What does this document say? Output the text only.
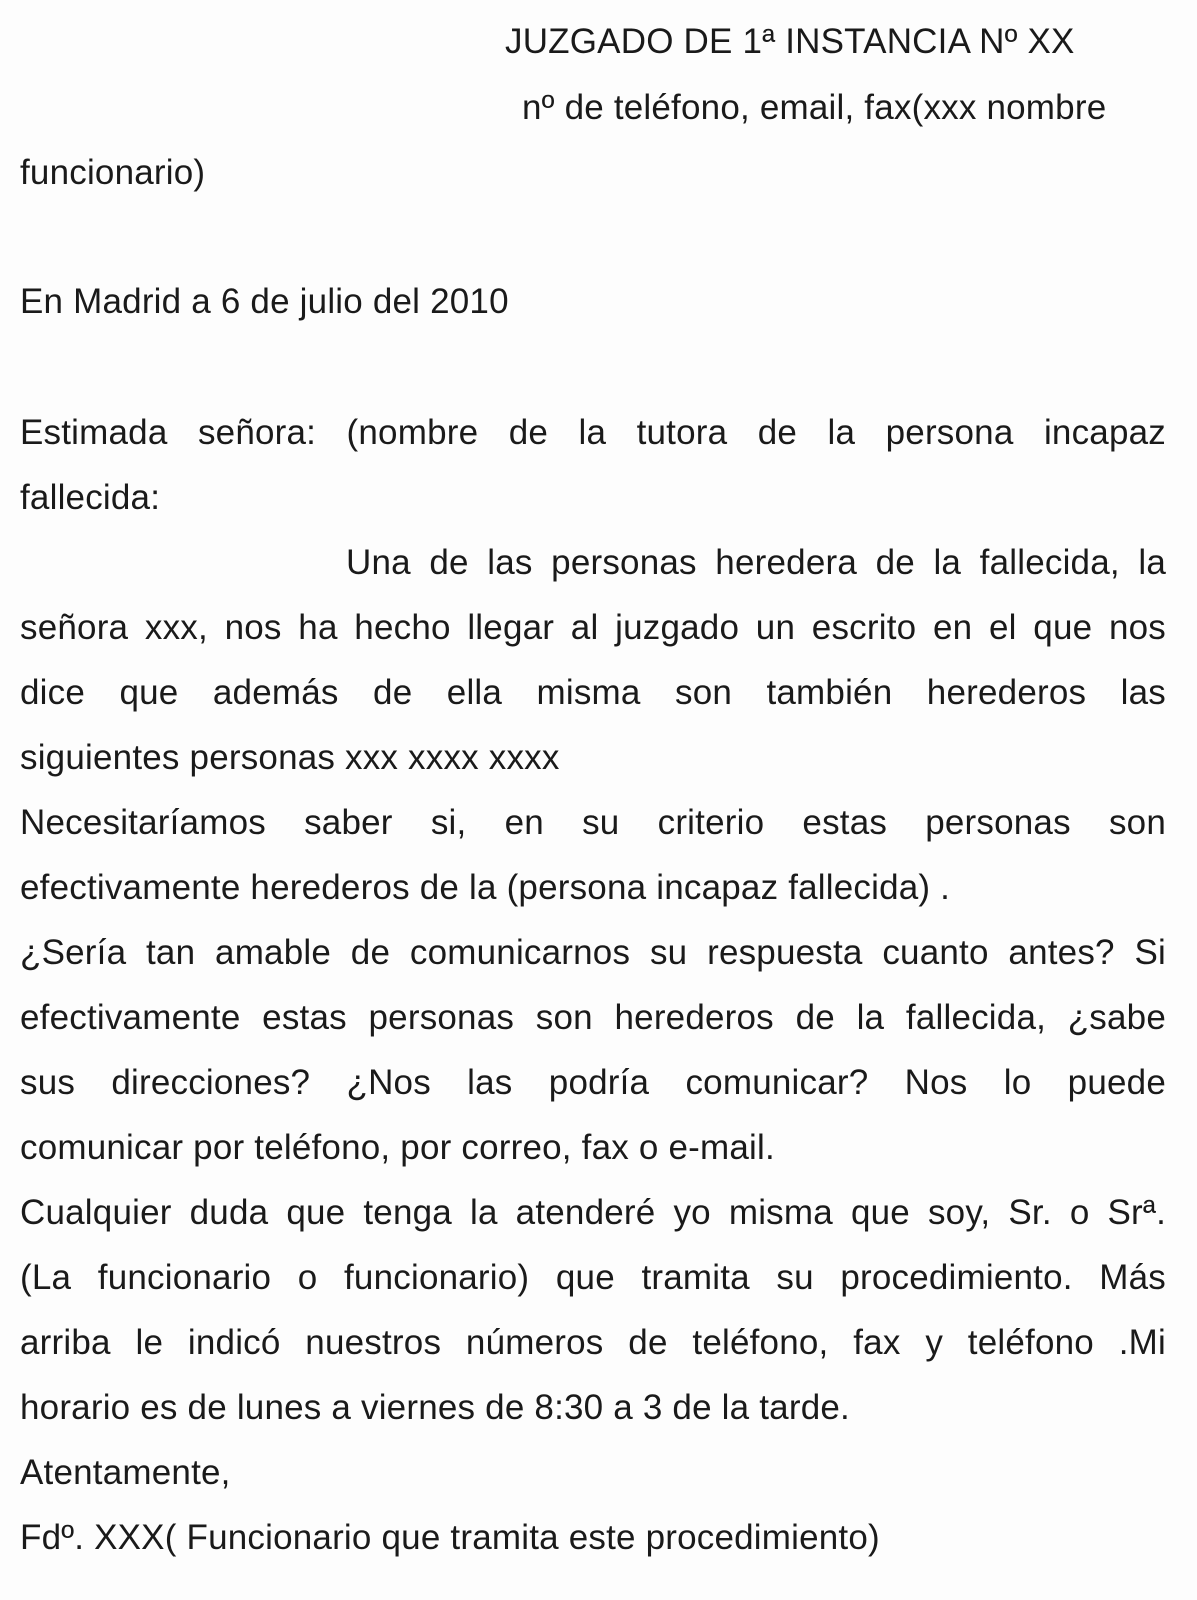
JUZGADO DE 1ª INSTANCIA Nº XX
nº de teléfono, email, fax(xxx nombre
funcionario)
En Madrid a 6 de julio del 2010
Estimada señora: (nombre de la tutora de la persona incapaz
fallecida:
Una de las personas heredera de la fallecida, la
señora xxx, nos ha hecho llegar al juzgado un escrito en el que nos
dice que además de ella misma son también herederos las
siguientes personas xxx xxxx xxxx
Necesitaríamos saber si, en su criterio estas personas son
efectivamente herederos de la (persona incapaz fallecida) .
¿Sería tan amable de comunicarnos su respuesta cuanto antes? Si
efectivamente estas personas son herederos de la fallecida, ¿sabe
sus direcciones? ¿Nos las podría comunicar? Nos lo puede
comunicar por teléfono, por correo, fax o e-mail.
Cualquier duda que tenga la atenderé yo misma que soy, Sr. o Srª.
(La funcionario o funcionario) que tramita su procedimiento. Más
arriba le indicó nuestros números de teléfono, fax y teléfono .Mi
horario es de lunes a viernes de 8:30 a 3 de la tarde.
Atentamente,
Fdº. XXX( Funcionario que tramita este procedimiento)
